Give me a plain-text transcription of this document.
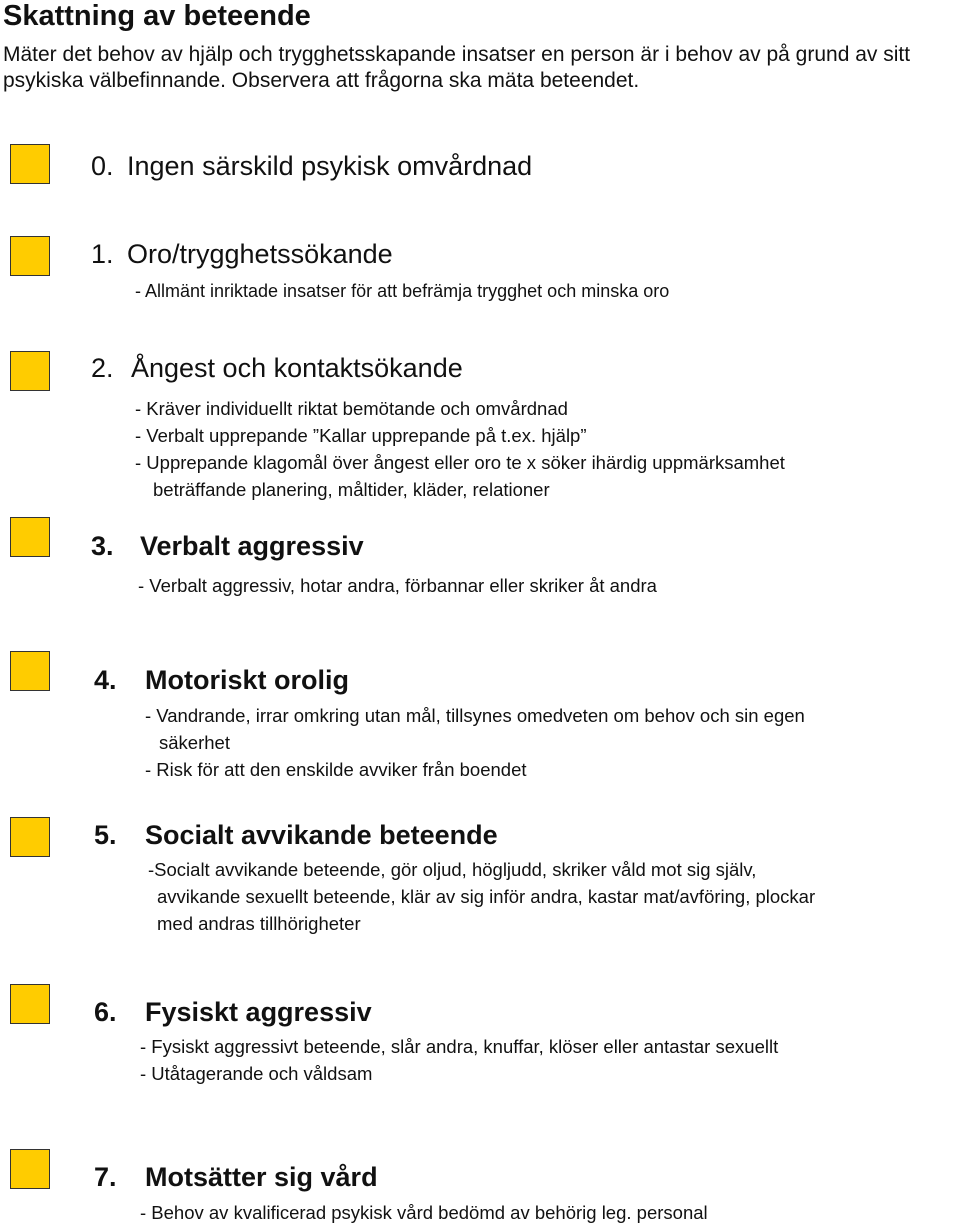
Skattning av beteende
Mäter det behov av hjälp och trygghetsskapande insatser en person är i behov av på grund av sitt psykiska välbefinnande. Observera att frågorna ska mäta beteendet.
0. Ingen särskild psykisk omvårdnad
1. Oro/trygghetssökande
- Allmänt inriktade insatser för att befrämja trygghet och minska oro
2. Ångest och kontaktsökande
- Kräver individuellt riktat bemötande och omvårdnad
- Verbalt upprepande ”Kallar upprepande på t.ex. hjälp”
- Upprepande klagomål över ångest eller oro te x söker ihärdig uppmärksamhet
beträffande planering, måltider, kläder, relationer
3. Verbalt aggressiv
- Verbalt aggressiv, hotar andra, förbannar eller skriker åt andra
4. Motoriskt orolig
- Vandrande, irrar omkring utan mål, tillsynes omedveten om behov och sin egen
säkerhet
- Risk för att den enskilde avviker från boendet
5. Socialt avvikande beteende
-Socialt avvikande beteende, gör oljud, högljudd, skriker våld mot sig själv,
avvikande sexuellt beteende, klär av sig inför andra, kastar mat/avföring, plockar
med andras tillhörigheter
6. Fysiskt aggressiv
- Fysiskt aggressivt beteende, slår andra, knuffar, klöser eller antastar sexuellt
- Utåtagerande och våldsam
7. Motsätter sig vård
- Behov av kvalificerad psykisk vård bedömd av behörig leg. personal
